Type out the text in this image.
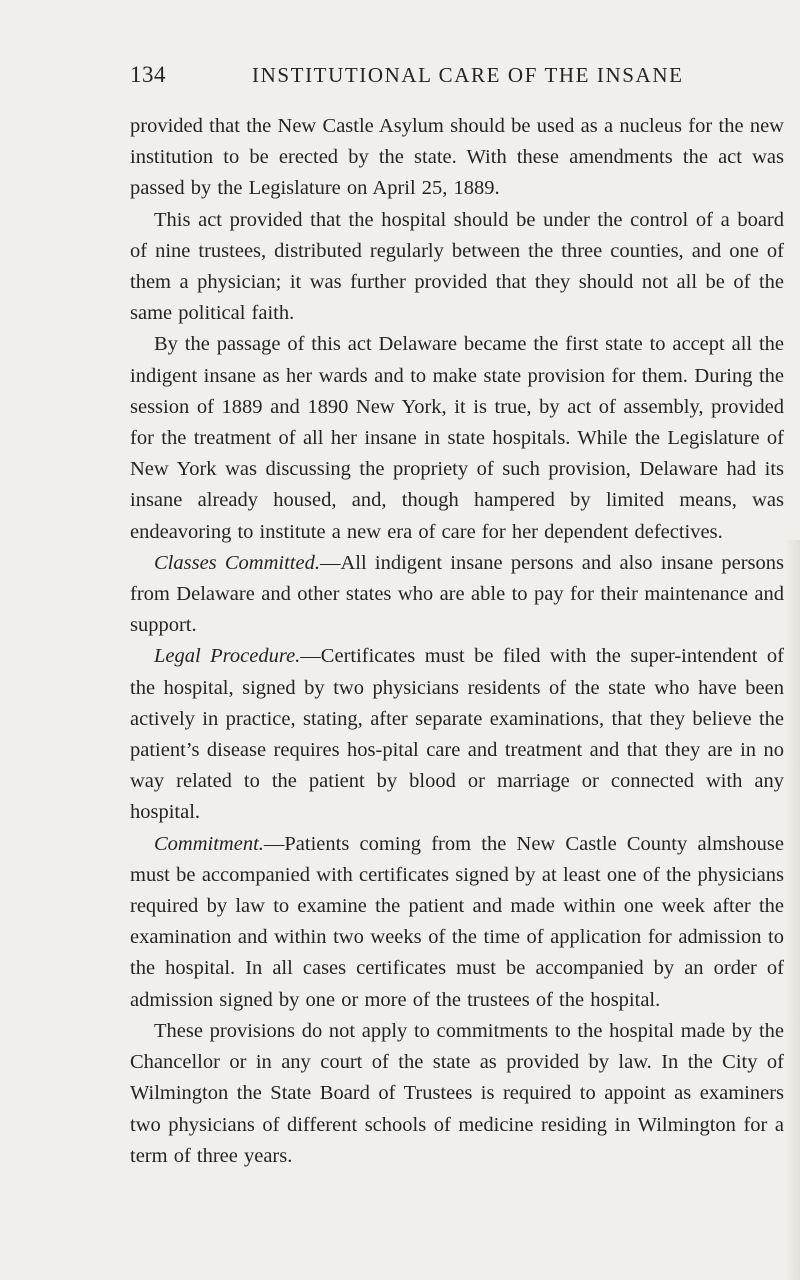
134	INSTITUTIONAL CARE OF THE INSANE

provided that the New Castle Asylum should be used as a nucleus for the new institution to be erected by the state. With these amendments the act was passed by the Legislature on April 25, 1889.

This act provided that the hospital should be under the control of a board of nine trustees, distributed regularly between the three counties, and one of them a physician; it was further provided that they should not all be of the same political faith.

By the passage of this act Delaware became the first state to accept all the indigent insane as her wards and to make state provision for them. During the session of 1889 and 1890 New York, it is true, by act of assembly, provided for the treatment of all her insane in state hospitals. While the Legislature of New York was discussing the propriety of such provision, Delaware had its insane already housed, and, though hampered by limited means, was endeavoring to institute a new era of care for her dependent defectives.

Classes Committed.—All indigent insane persons and also insane persons from Delaware and other states who are able to pay for their maintenance and support.

Legal Procedure.—Certificates must be filed with the super-intendent of the hospital, signed by two physicians residents of the state who have been actively in practice, stating, after separate examinations, that they believe the patient’s disease requires hos-pital care and treatment and that they are in no way related to the patient by blood or marriage or connected with any hospital.

Commitment.—Patients coming from the New Castle County almshouse must be accompanied with certificates signed by at least one of the physicians required by law to examine the patient and made within one week after the examination and within two weeks of the time of application for admission to the hospital. In all cases certificates must be accompanied by an order of admission signed by one or more of the trustees of the hospital.

These provisions do not apply to commitments to the hospital made by the Chancellor or in any court of the state as provided by law. In the City of Wilmington the State Board of Trustees is required to appoint as examiners two physicians of different schools of medicine residing in Wilmington for a term of three years.
